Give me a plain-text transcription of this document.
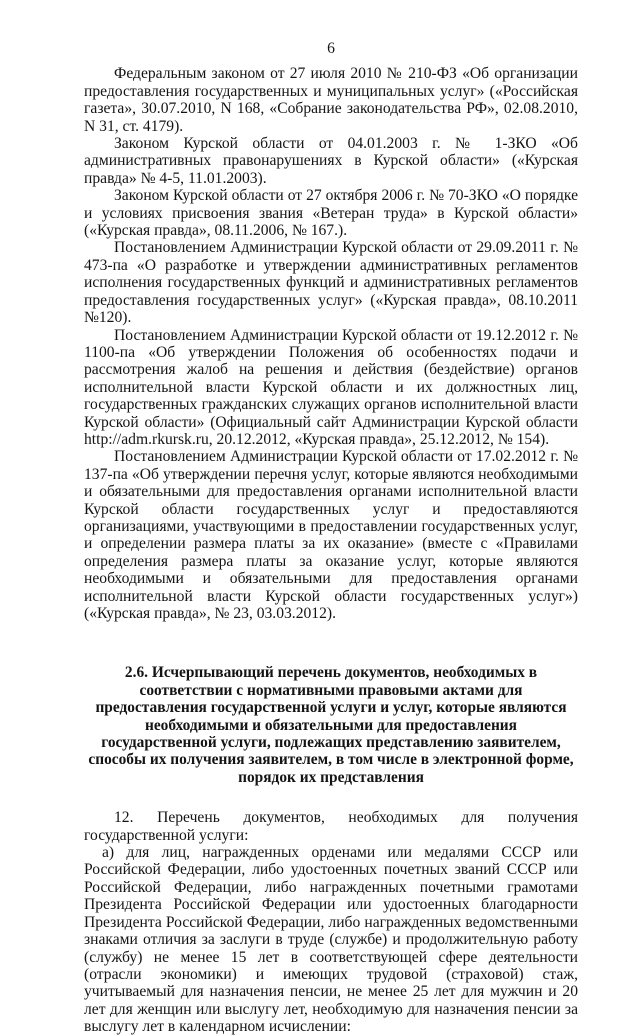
6

Федеральным законом от 27 июля 2010 № 210-ФЗ «Об организации предоставления государственных и муниципальных услуг» («Российская газета», 30.07.2010, N 168, «Собрание законодательства РФ», 02.08.2010, N 31, ст. 4179).

Законом Курской области от 04.01.2003 г. № 1-ЗКО «Об административных правонарушениях в Курской области» («Курская правда» № 4-5, 11.01.2003).

Законом Курской области от 27 октября 2006 г. № 70-ЗКО «О порядке и условиях присвоения звания «Ветеран труда» в Курской области» («Курская правда», 08.11.2006, № 167.).

Постановлением Администрации Курской области от 29.09.2011 г. № 473-па «О разработке и утверждении административных регламентов исполнения государственных функций и административных регламентов предоставления государственных услуг» («Курская правда», 08.10.2011 №120).

Постановлением Администрации Курской области от 19.12.2012 г. № 1100-па «Об утверждении Положения об особенностях подачи и рассмотрения жалоб на решения и действия (бездействие) органов исполнительной власти Курской области и их должностных лиц, государственных гражданских служащих органов исполнительной власти Курской области» (Официальный сайт Администрации Курской области http://adm.rkursk.ru, 20.12.2012, «Курская правда», 25.12.2012, № 154).

Постановлением Администрации Курской области от 17.02.2012 г. № 137-па «Об утверждении перечня услуг, которые являются необходимыми и обязательными для предоставления органами исполнительной власти Курской области государственных услуг и предоставляются организациями, участвующими в предоставлении государственных услуг, и определении размера платы за их оказание» (вместе с «Правилами определения размера платы за оказание услуг, которые являются необходимыми и обязательными для предоставления органами исполнительной власти Курской области государственных услуг») («Курская правда», № 23, 03.03.2012).

2.6. Исчерпывающий перечень документов, необходимых в соответствии с нормативными правовыми актами для предоставления государственной услуги и услуг, которые являются необходимыми и обязательными для предоставления государственной услуги, подлежащих представлению заявителем, способы их получения заявителем, в том числе в электронной форме, порядок их представления

12. Перечень документов, необходимых для получения государственной услуги:

а) для лиц, награжденных орденами или медалями СССР или Российской Федерации, либо удостоенных почетных званий СССР или Российской Федерации, либо награжденных почетными грамотами Президента Российской Федерации или удостоенных благодарности Президента Российской Федерации, либо награжденных ведомственными знаками отличия за заслуги в труде (службе) и продолжительную работу (службу) не менее 15 лет в соответствующей сфере деятельности (отрасли экономики) и имеющих трудовой (страховой) стаж, учитываемый для назначения пенсии, не менее 25 лет для мужчин и 20 лет для женщин или выслугу лет, необходимую для назначения пенсии за выслугу лет в календарном исчислении:
